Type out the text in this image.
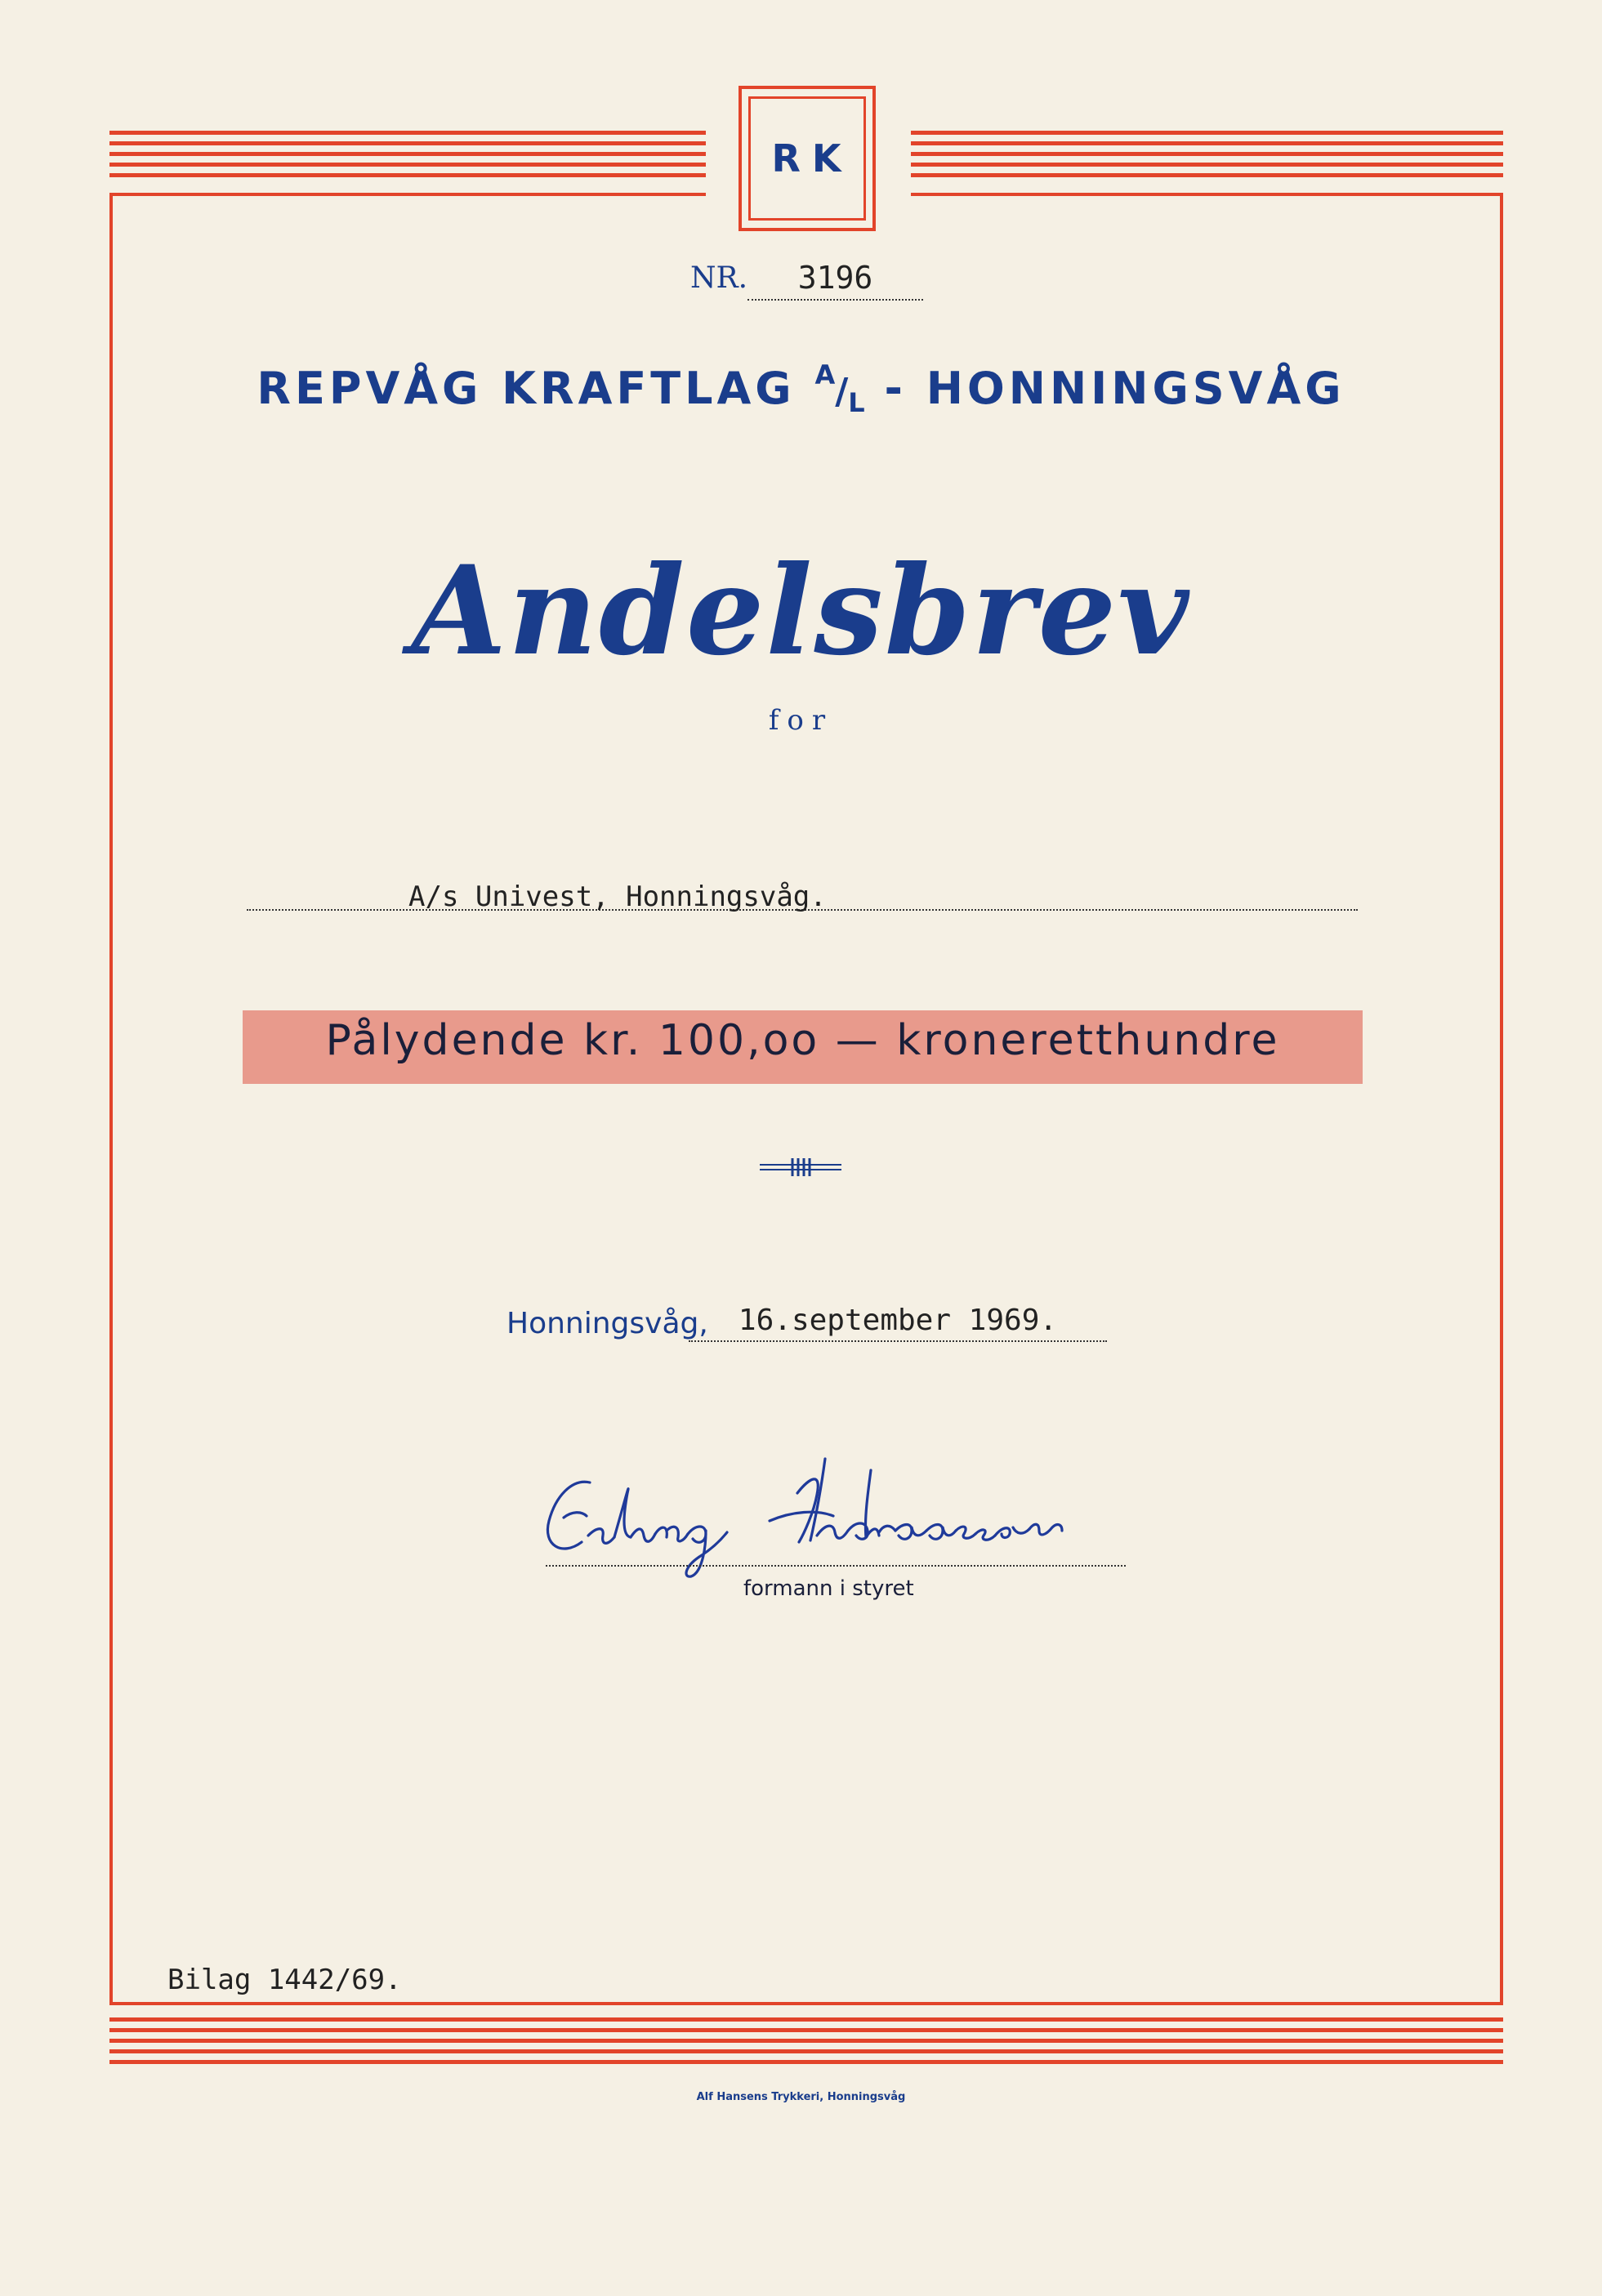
RK
NR.	3196
REPVÅG KRAFTLAG $^A/_L$ - HONNINGSVÅG
Andelsbrev
for
A/s Univest, Honningsvåg.
Pålydende kr. 100,oo — kroneretthundre
Honningsvåg,	16.september 1969.
formann i styret
Bilag 1442/69.
Alf Hansens Trykkeri, Honningsvåg
